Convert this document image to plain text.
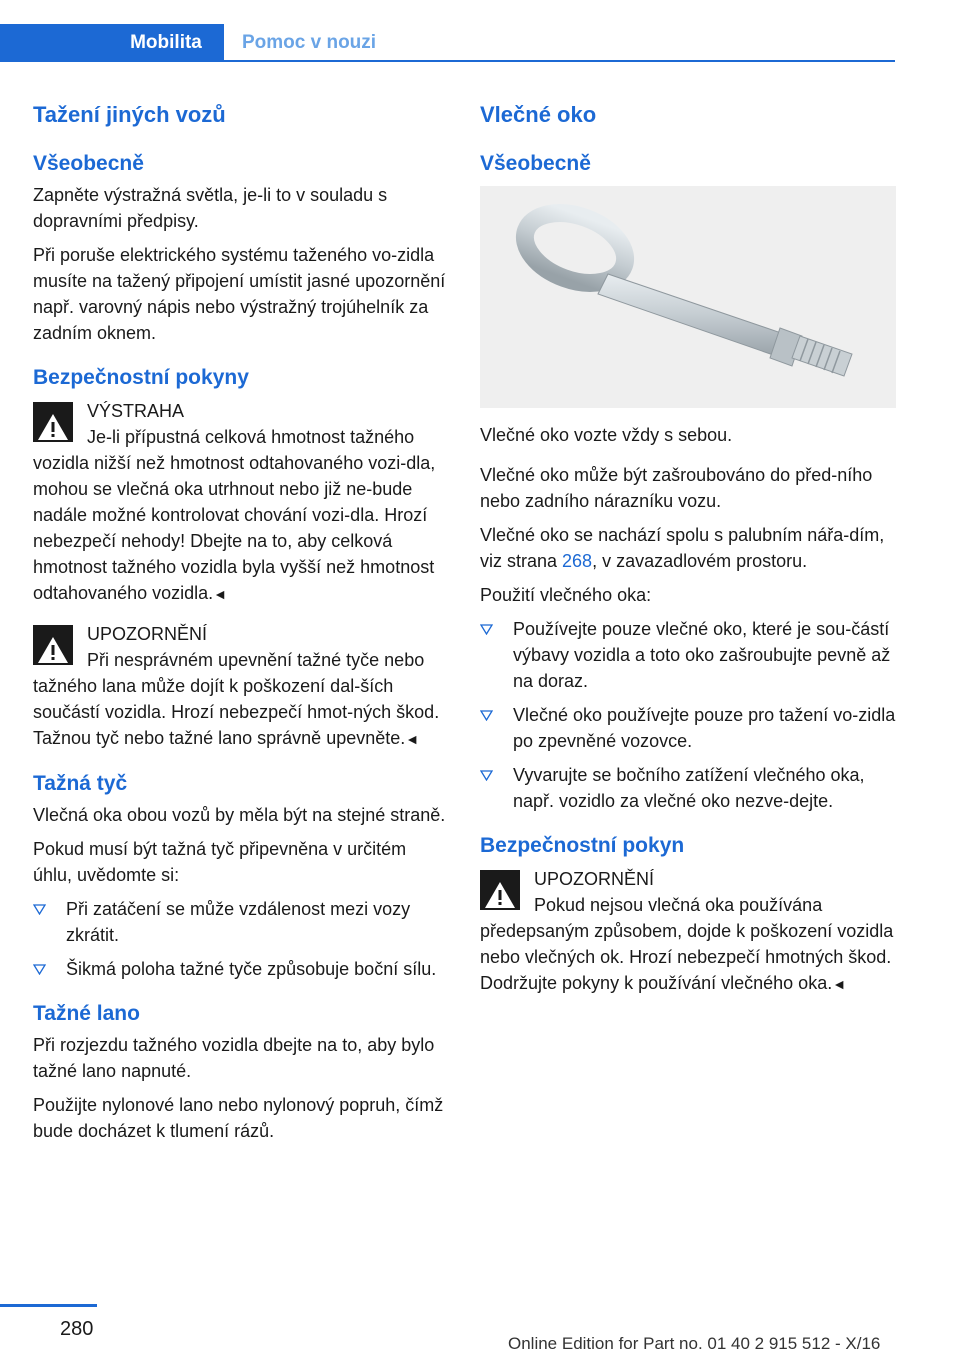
Mobilita	Pomoc v nouzi
Tažení jiných vozů
Všeobecně

Zapněte výstražná světla, je-li to v souladu s dopravními předpisy.

Při poruše elektrického systému taženého vo‐zidla musíte na tažený připojení umístit jasné upozornění např. varovný nápis nebo výstražný trojúhelník za zadním oknem.

Bezpečnostní pokyny

VÝSTRAHA

Je-li přípustná celková hmotnost tažného vozidla nižší než hmotnost odtahovaného vozi‐dla, mohou se vlečná oka utrhnout nebo již ne‐bude nadále možné kontrolovat chování vozi‐dla. Hrozí nebezpečí nehody! Dbejte na to, aby celková hmotnost tažného vozidla byla vyšší než hmotnost odtahovaného vozidla.◄

UPOZORNĚNÍ

Při nesprávném upevnění tažné tyče nebo tažného lana může dojít k poškození dal‐ších součástí vozidla. Hrozí nebezpečí hmot‐ných škod. Tažnou tyč nebo tažné lano správně upevněte.◄

Tažná tyč

Vlečná oka obou vozů by měla být na stejné straně.

Pokud musí být tažná tyč připevněna v určitém úhlu, uvědomte si:

Při zatáčení se může vzdálenost mezi vozy zkrátit.
Šikmá poloha tažné tyče způsobuje boční sílu.
Tažné lano

Při rozjezdu tažného vozidla dbejte na to, aby bylo tažné lano napnuté.

Použijte nylonové lano nebo nylonový popruh, čímž bude docházet k tlumení rázů.

Vlečné oko
Všeobecně

Vlečné oko vozte vždy s sebou.

Vlečné oko může být zašroubováno do před‐ního nebo zadního nárazníku vozu.

Vlečné oko se nachází spolu s palubním nářa‐dím, viz strana 268, v zavazadlovém prostoru.

Použití vlečného oka:

Používejte pouze vlečné oko, které je sou‐částí výbavy vozidla a toto oko zašroubujte pevně až na doraz.
Vlečné oko používejte pouze pro tažení vo‐zidla po zpevněné vozovce.
Vyvarujte se bočního zatížení vlečného oka, např. vozidlo za vlečné oko nezve‐dejte.
Bezpečnostní pokyn

UPOZORNĚNÍ

Pokud nejsou vlečná oka používána předepsaným způsobem, dojde k poškození vozidla nebo vlečných ok. Hrozí nebezpečí hmotných škod. Dodržujte pokyny k používání vlečného oka.◄

280
Online Edition for Part no. 01 40 2 915 512 - X/16
